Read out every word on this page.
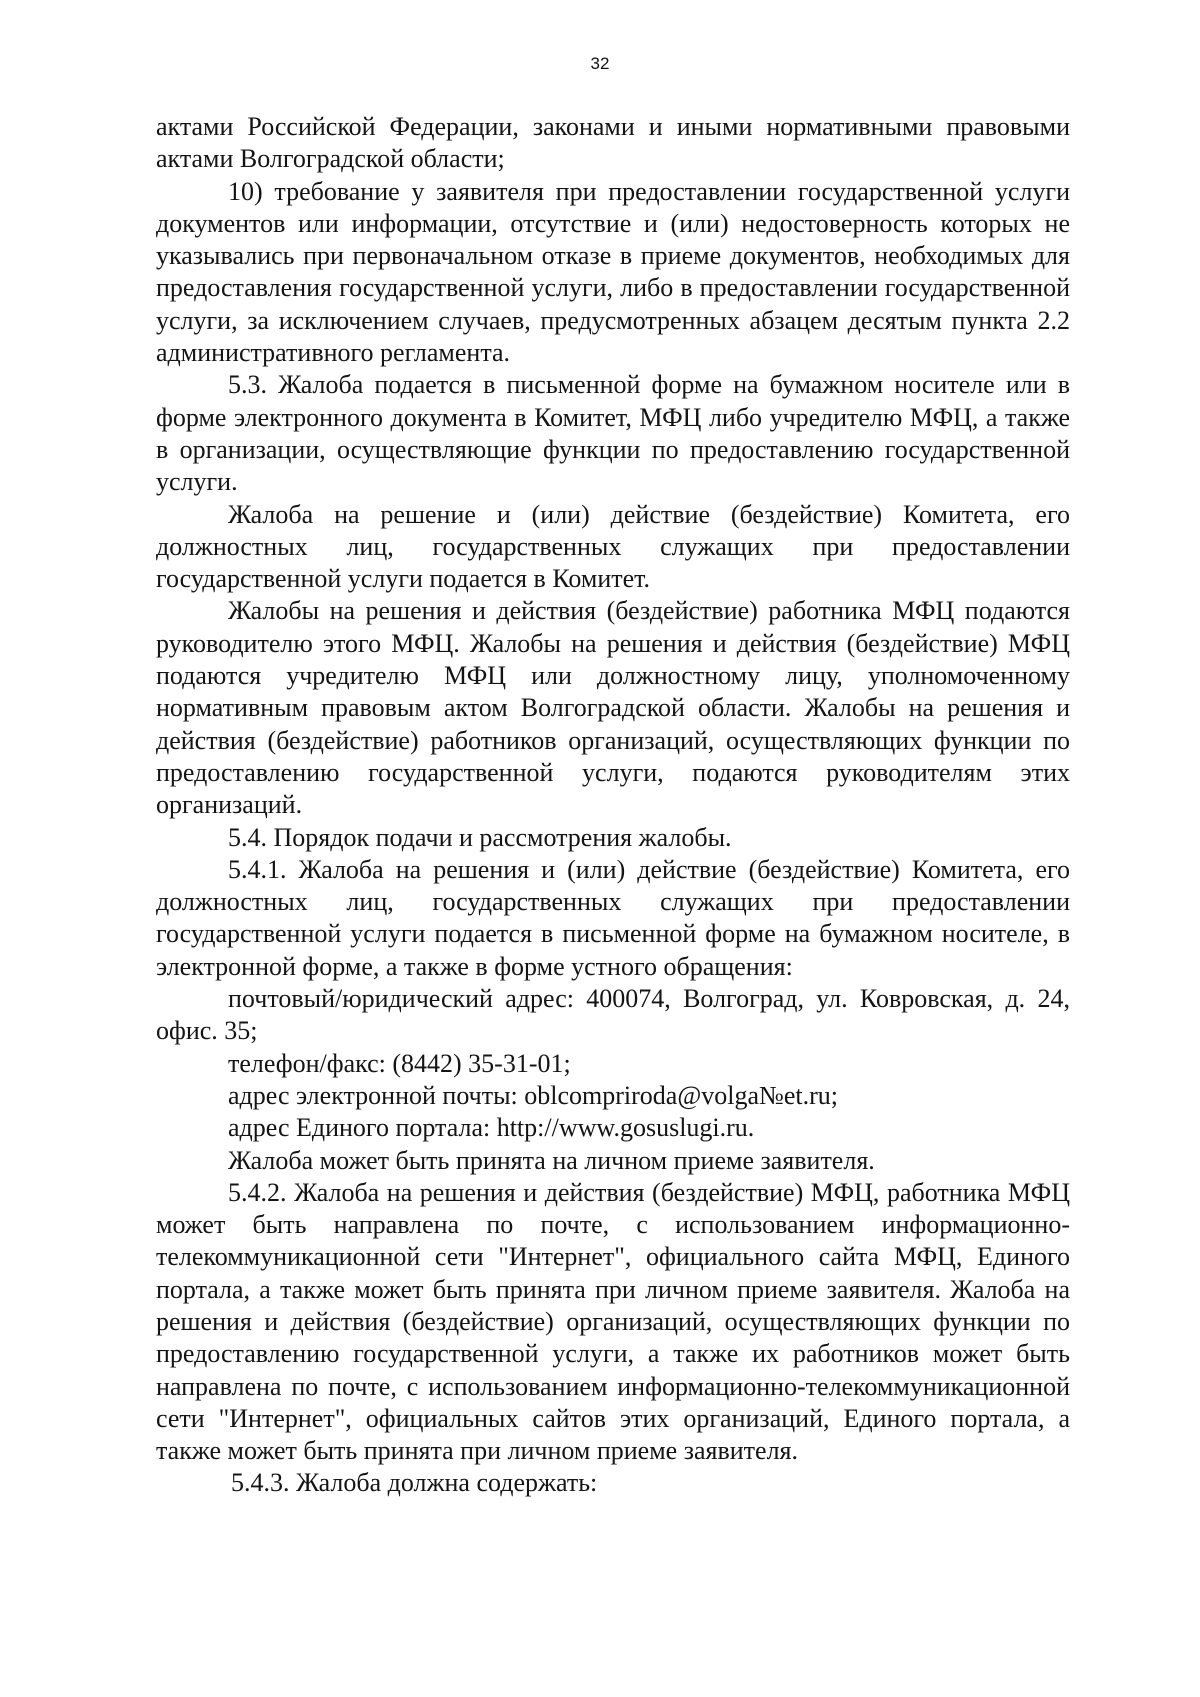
32

актами Российской Федерации, законами и иными нормативными правовыми актами Волгоградской области;

10) требование у заявителя при предоставлении государственной услуги документов или информации, отсутствие и (или) недостоверность которых не указывались при первоначальном отказе в приеме документов, необходимых для предоставления государственной услуги, либо в предоставлении государственной услуги, за исключением случаев, предусмотренных абзацем десятым пункта 2.2 административного регламента.

5.3. Жалоба подается в письменной форме на бумажном носителе или в форме электронного документа в Комитет, МФЦ либо учредителю МФЦ, а также в организации, осуществляющие функции по предоставлению государственной услуги.

Жалоба на решение и (или) действие (бездействие) Комитета, его должностных лиц, государственных служащих при предоставлении государственной услуги подается в Комитет.

Жалобы на решения и действия (бездействие) работника МФЦ подаются руководителю этого МФЦ. Жалобы на решения и действия (бездействие) МФЦ подаются учредителю МФЦ или должностному лицу, уполномоченному нормативным правовым актом Волгоградской области. Жалобы на решения и действия (бездействие) работников организаций, осуществляющих функции по предоставлению государственной услуги, подаются руководителям этих организаций.

5.4. Порядок подачи и рассмотрения жалобы.

5.4.1. Жалоба на решения и (или) действие (бездействие) Комитета, его должностных лиц, государственных служащих при предоставлении государственной услуги подается в письменной форме на бумажном носителе, в электронной форме, а также в форме устного обращения:

почтовый/юридический адрес: 400074, Волгоград, ул. Ковровская, д. 24, офис. 35;

телефон/факс: (8442) 35-31-01;

адрес электронной почты: oblcompriroda@volga№et.ru;

адрес Единого портала: http://www.gosuslugi.ru.

Жалоба может быть принята на личном приеме заявителя.

5.4.2. Жалоба на решения и действия (бездействие) МФЦ, работника МФЦ может быть направлена по почте, с использованием информационно-телекоммуникационной сети "Интернет", официального сайта МФЦ, Единого портала, а также может быть принята при личном приеме заявителя. Жалоба на решения и действия (бездействие) организаций, осуществляющих функции по предоставлению государственной услуги, а также их работников может быть направлена по почте, с использованием информационно-телекоммуникационной сети "Интернет", официальных сайтов этих организаций, Единого портала, а также может быть принята при личном приеме заявителя.

5.4.3. Жалоба должна содержать:
